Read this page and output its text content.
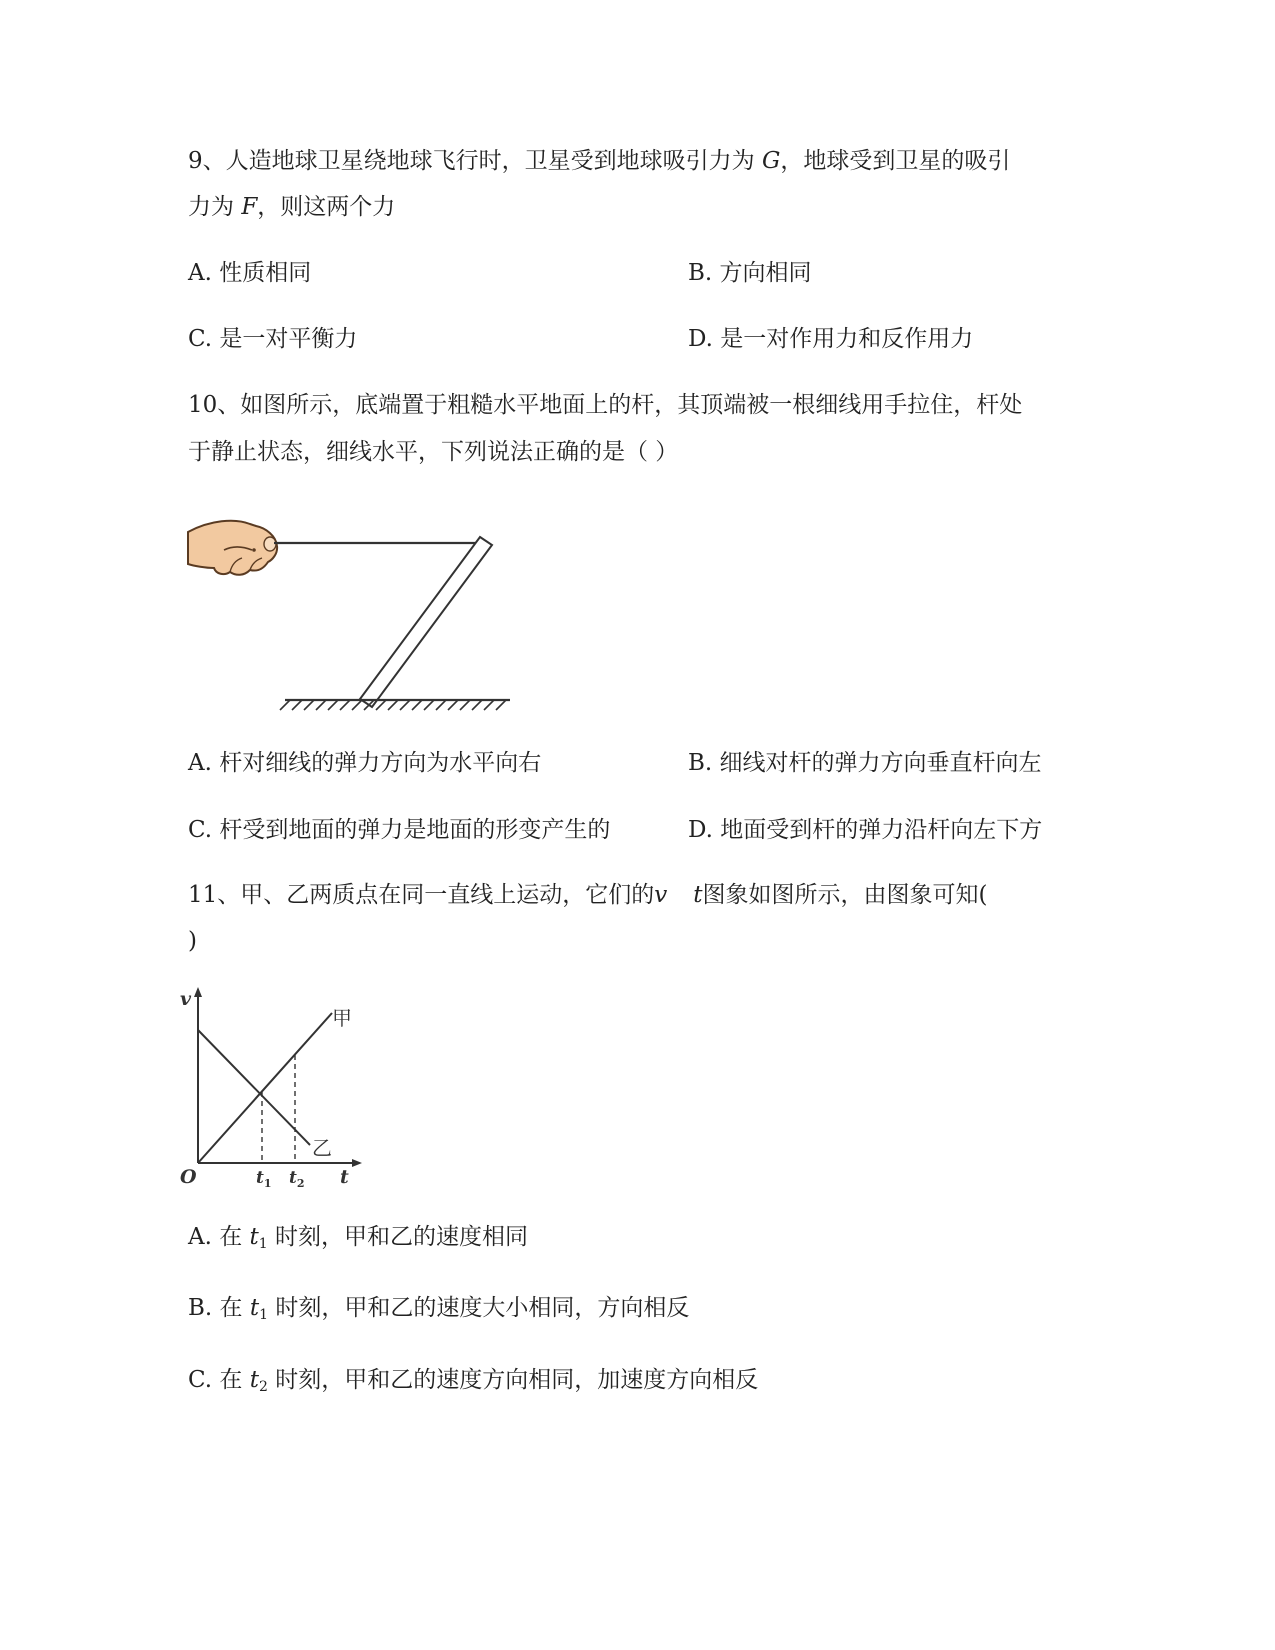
9、人造地球卫星绕地球飞行时，卫星受到地球吸引力为 G，地球受到卫星的吸引
力为 F，则这两个力
A. 性质相同	B. 方向相同
C. 是一对平衡力	D. 是一对作用力和反作用力
10、如图所示，底端置于粗糙水平地面上的杆，其顶端被一根细线用手拉住，杆处
于静止状态，细线水平，下列说法正确的是（ ）
A. 杆对细线的弹力方向为水平向右	B. 细线对杆的弹力方向垂直杆向左
C. 杆受到地面的弹力是地面的形变产生的	D. 地面受到杆的弹力沿杆向左下方
11、甲、乙两质点在同一直线上运动，它们的v t图象如图所示，由图象可知(
)
v
t
O	$t_1$ $t_2$
甲
乙
A. 在 $t_1$ 时刻，甲和乙的速度相同
B. 在 $t_1$ 时刻，甲和乙的速度大小相同，方向相反
C. 在 $t_2$ 时刻，甲和乙的速度方向相同，加速度方向相反
